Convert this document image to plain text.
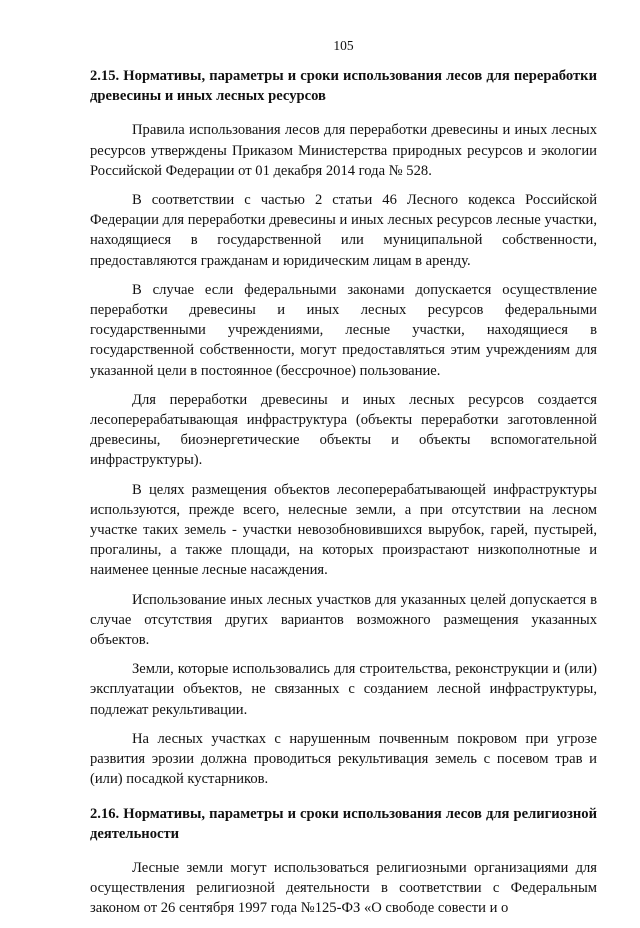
105
2.15. Нормативы, параметры и сроки использования лесов для переработки древесины и иных лесных ресурсов

Правила использования лесов для переработки древесины и иных лесных ресурсов утверждены Приказом Министерства природных ресурсов и экологии Российской Федерации от 01 декабря 2014 года № 528.

В соответствии с частью 2 статьи 46 Лесного кодекса Российской Федерации для переработки древесины и иных лесных ресурсов лесные участки, находящиеся в государственной или муниципальной собственности, предоставляются гражданам и юридическим лицам в аренду.

В случае если федеральными законами допускается осуществление переработки древесины и иных лесных ресурсов федеральными государственными учреждениями, лесные участки, находящиеся в государственной собственности, могут предоставляться этим учреждениям для указанной цели в постоянное (бессрочное) пользование.

Для переработки древесины и иных лесных ресурсов создается лесоперерабатывающая инфраструктура (объекты переработки заготовленной древесины, биоэнергетические объекты и объекты вспомогательной инфраструктуры).

В целях размещения объектов лесоперерабатывающей инфраструктуры используются, прежде всего, нелесные земли, а при отсутствии на лесном участке таких земель - участки невозобновившихся вырубок, гарей, пустырей, прогалины, а также площади, на которых произрастают низкополнотные и наименее ценные лесные насаждения.

Использование иных лесных участков для указанных целей допускается в случае отсутствия других вариантов возможного размещения указанных объектов.

Земли, которые использовались для строительства, реконструкции и (или) эксплуатации объектов, не связанных с созданием лесной инфраструктуры, подлежат рекультивации.

На лесных участках с нарушенным почвенным покровом при угрозе развития эрозии должна проводиться рекультивация земель с посевом трав и (или) посадкой кустарников.

2.16. Нормативы, параметры и сроки использования лесов для религиозной деятельности

Лесные земли могут использоваться религиозными организациями для осуществления религиозной деятельности в соответствии с Федеральным законом от 26 сентября 1997 года №125-ФЗ «О свободе совести и о
